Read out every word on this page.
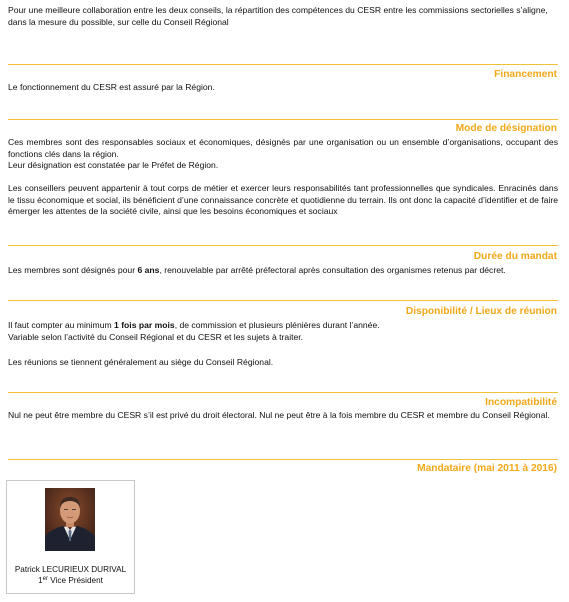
Pour une meilleure collaboration entre les deux conseils, la répartition des compétences du CESR entre les commissions sectorielles s’aligne, dans la mesure du possible, sur celle du Conseil Régional

Financement

Le fonctionnement du CESR est assuré par la Région.

Mode de désignation

Ces membres sont des responsables sociaux et économiques, désignés par une organisation ou un ensemble d’organisations, occupant des fonctions clés dans la région.

Leur désignation est constatée par le Préfet de Région.

Les conseillers peuvent appartenir à tout corps de métier et exercer leurs responsabilités tant professionnelles que syndicales. Enracinés dans le tissu économique et social, ils bénéficient d’une connaissance concrète et quotidienne du terrain. Ils ont donc la capacité d’identifier et de faire émerger les attentes de la société civile, ainsi que les besoins économiques et sociaux

Durée du mandat

Les membres sont désignés pour 6 ans, renouvelable par arrêté préfectoral après consultation des organismes retenus par décret.

Disponibilité / Lieux de réunion

Il faut compter au minimum 1 fois par mois, de commission et plusieurs plénières durant l’année.

Variable selon l’activité du Conseil Régional et du CESR et les sujets à traiter.

Les réunions se tiennent généralement au siège du Conseil Régional.

Incompatibilité

Nul ne peut être membre du CESR s’il est privé du droit électoral. Nul ne peut être à la fois membre du CESR et membre du Conseil Régional.

Mandataire (mai 2011 à 2016)
Patrick LECURIEUX DURIVAL
1er Vice Président
